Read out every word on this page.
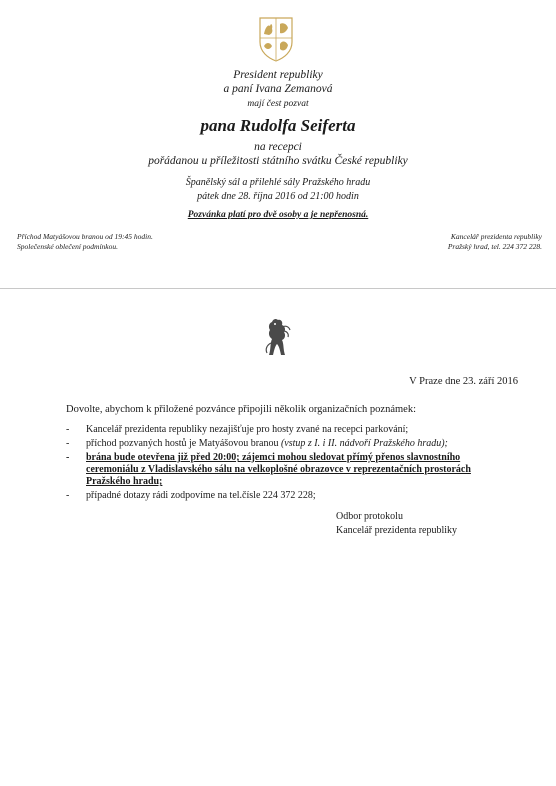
President republiky
a paní Ivana Zemanová
mají čest pozvat
pana Rudolfa Seiferta
na recepci
pořádanou u příležitosti státního svátku České republiky
Španělský sál a přilehlé sály Pražského hradu
pátek dne 28. října 2016 od 21:00 hodin
Pozvánka platí pro dvě osoby a je nepřenosná.
Příchod Matyášovou branou od 19:45 hodin.
Společenské oblečení podmínkou.
Kancelář prezidenta republiky
Pražský hrad, tel. 224 372 228.
V Praze dne 23. září 2016
Dovolte, abychom k přiložené pozvánce připojili několik organizačních poznámek:
- Kancelář prezidenta republiky nezajišťuje pro hosty zvané na recepci parkování;
- příchod pozvaných hostů je Matyášovou branou (vstup z I. i II. nádvoří Pražského hradu);
- brána bude otevřena již před 20:00; zájemci mohou sledovat přímý přenos slavnostního ceremoniálu z Vladislavského sálu na velkoplošné obrazovce v reprezentačních prostorách Pražského hradu;
- případné dotazy rádi zodpovíme na tel.čísle 224 372 228;
Odbor protokolu
Kancelář prezidenta republiky
